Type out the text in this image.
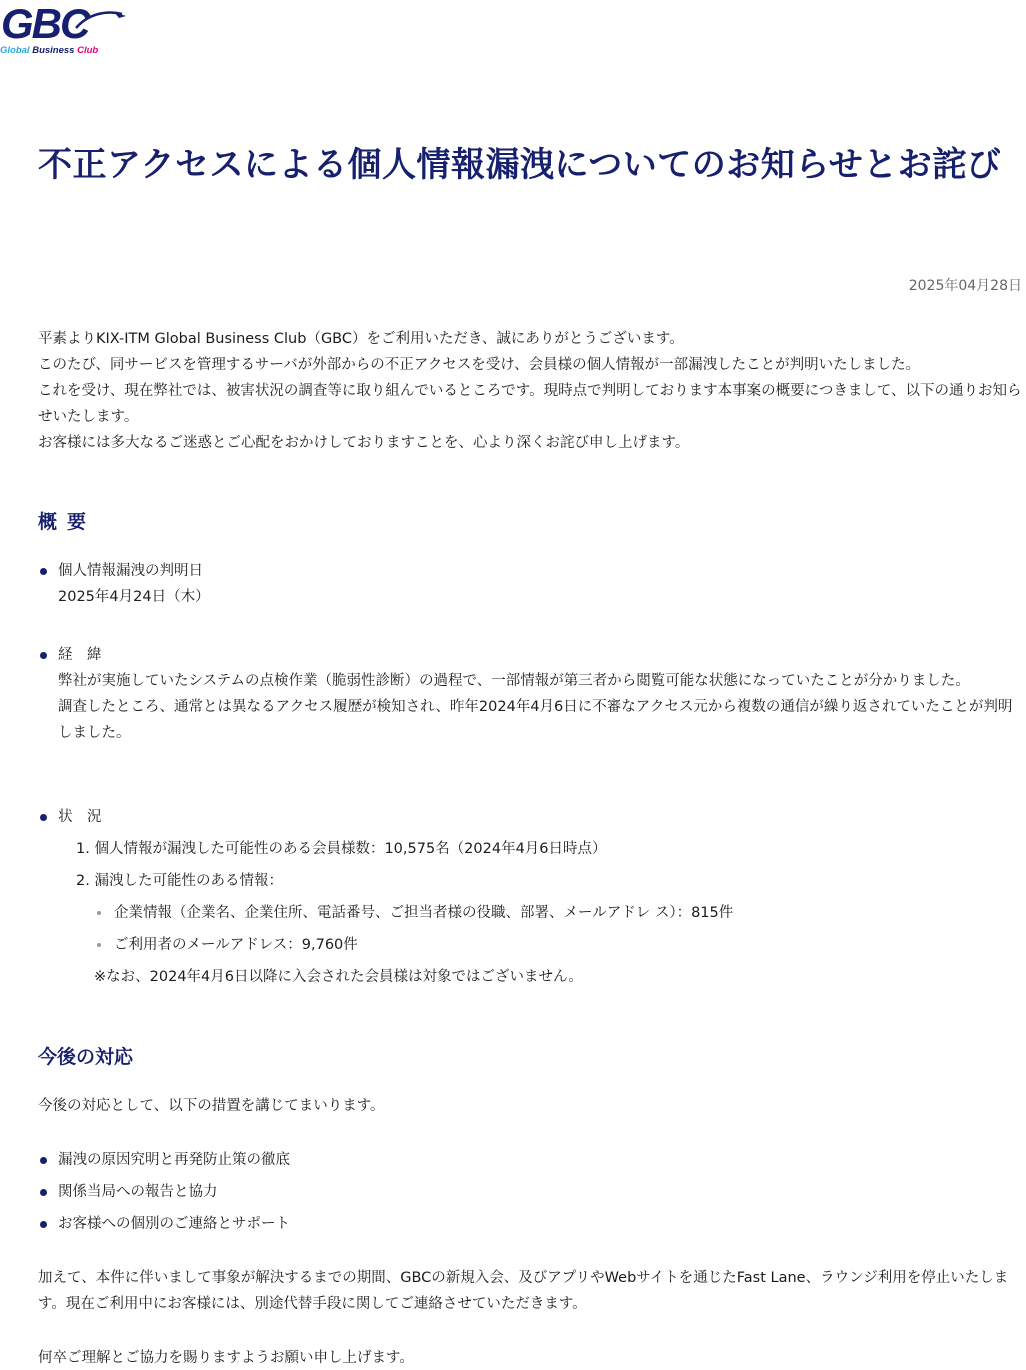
GBC
Global Business Club
不正アクセスによる個人情報漏洩についてのお知らせとお詫び
2025年04月28日
平素よりKIX-ITM Global Business Club（GBC）をご利用いただき、誠にありがとうございます。
このたび、同サービスを管理するサーバが外部からの不正アクセスを受け、会員様の個人情報が一部漏洩したことが判明いたしました。
これを受け、現在弊社では、被害状況の調査等に取り組んでいるところです。現時点で判明しております本事案の概要につきまして、以下の通りお知らせいたします。
お客様には多大なるご迷惑とご心配をおかけしておりますことを、心より深くお詫び申し上げます。
概要
個人情報漏洩の判明日
2025年4月24日（木）
経　緯
弊社が実施していたシステムの点検作業（脆弱性診断）の過程で、一部情報が第三者から閲覧可能な状態になっていたことが分かりました。
調査したところ、通常とは異なるアクセス履歴が検知され、昨年2024年4月6日に不審なアクセス元から複数の通信が繰り返されていたことが判明しました。
状　況
1. 個人情報が漏洩した可能性のある会員様数：10,575名（2024年4月6日時点）
2. 漏洩した可能性のある情報：
企業情報（企業名、企業住所、電話番号、ご担当者様の役職、部署、メールアドレ ス）：815件
ご利用者のメールアドレス：9,760件
※なお、2024年4月6日以降に入会された会員様は対象ではございません。
今後の対応
今後の対応として、以下の措置を講じてまいります。
漏洩の原因究明と再発防止策の徹底
関係当局への報告と協力
お客様への個別のご連絡とサポート
加えて、本件に伴いまして事象が解決するまでの期間、GBCの新規入会、及びアプリやWebサイトを通じたFast Lane、ラウンジ利用を停止いたします。現在ご利用中にお客様には、別途代替手段に関してご連絡させていただきます。
何卒ご理解とご協力を賜りますようお願い申し上げます。
